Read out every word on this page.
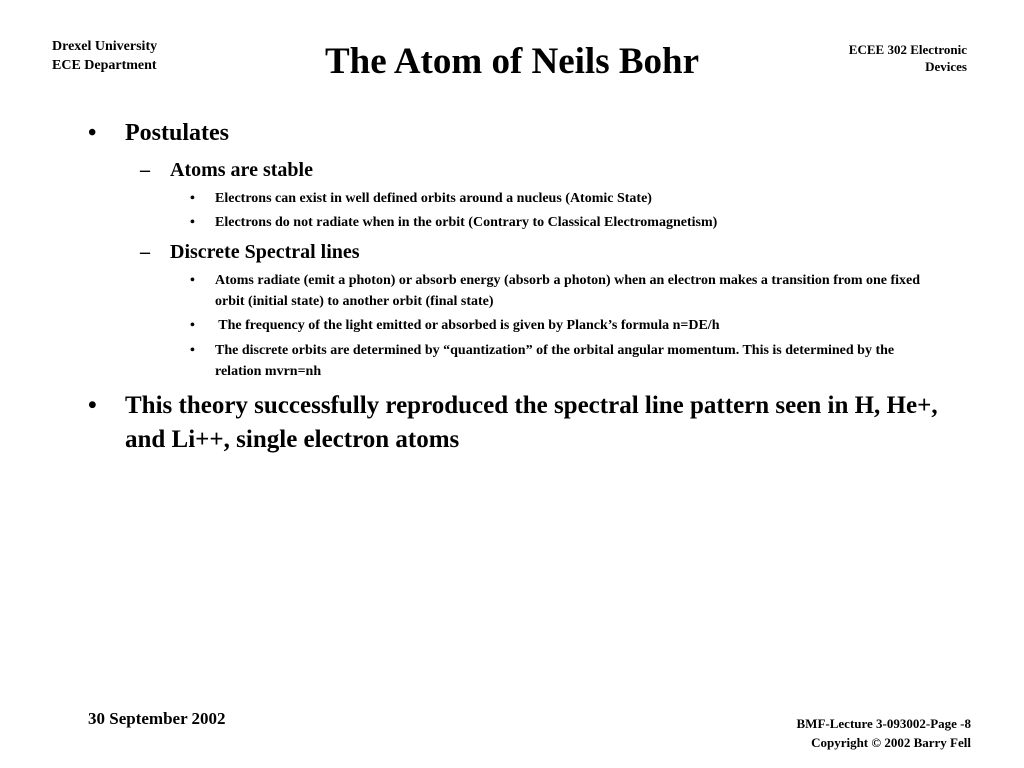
Drexel University
ECE Department	The Atom of Neils Bohr	ECEE 302 Electronic
Devices
• Postulates
– Atoms are stable
• Electrons can exist in well defined orbits around a nucleus (Atomic State)
• Electrons do not radiate when in the orbit (Contrary to Classical Electromagnetism)
– Discrete Spectral lines
• Atoms radiate (emit a photon) or absorb energy (absorb a photon) when an electron makes a transition from one fixed orbit (initial state) to another orbit (final state)
• The frequency of the light emitted or absorbed is given by Planck’s formula n=DE/h
• The discrete orbits are determined by “quantization” of the orbital angular momentum. This is determined by the relation mvrn=nh
• This theory successfully reproduced the spectral line pattern seen in H, He+, and Li++, single electron atoms
30 September 2002	BMF-Lecture 3-093002-Page -8
Copyright © 2002 Barry Fell
